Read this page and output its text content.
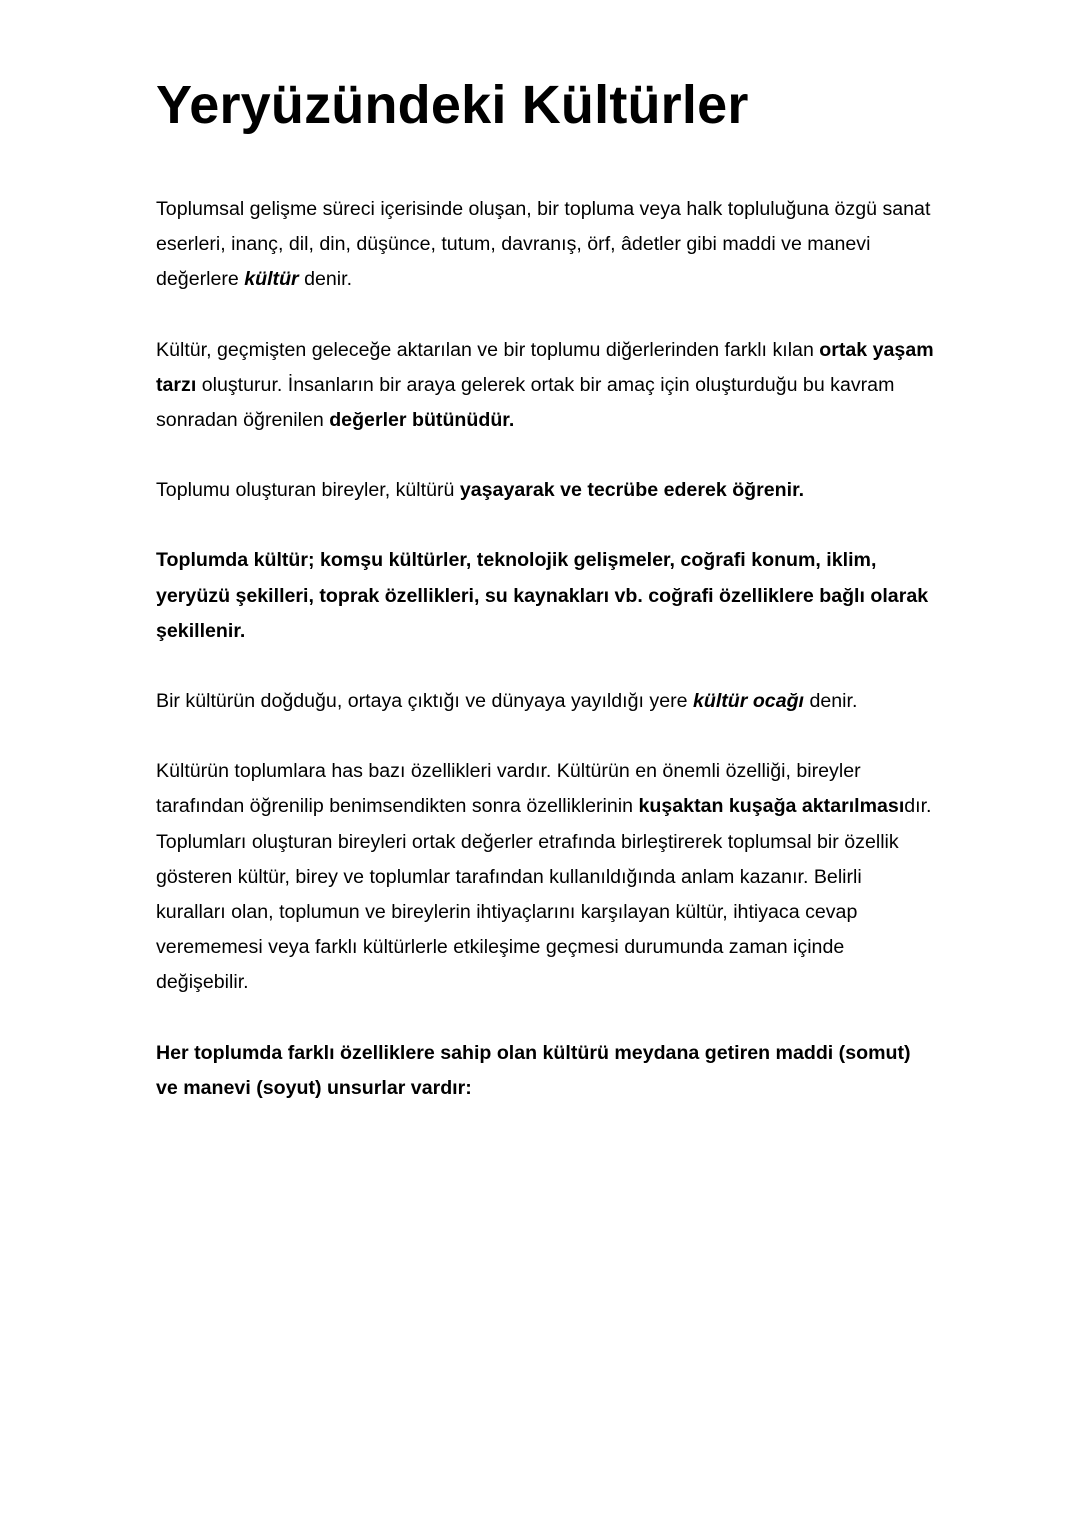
Yeryüzündeki Kültürler

Toplumsal gelişme süreci içerisinde oluşan, bir topluma veya halk topluluğuna özgü sanat eserleri, inanç, dil, din, düşünce, tutum, davranış, örf, âdetler gibi maddi ve manevi değerlere kültür denir.

Kültür, geçmişten geleceğe aktarılan ve bir toplumu diğerlerinden farklı kılan ortak yaşam tarzı oluşturur. İnsanların bir araya gelerek ortak bir amaç için oluşturduğu bu kavram sonradan öğrenilen değerler bütünüdür.

Toplumu oluşturan bireyler, kültürü yaşayarak ve tecrübe ederek öğrenir.

Toplumda kültür; komşu kültürler, teknolojik gelişmeler, coğrafi konum, iklim, yeryüzü şekilleri, toprak özellikleri, su kaynakları vb. coğrafi özelliklere bağlı olarak şekillenir.

Bir kültürün doğduğu, ortaya çıktığı ve dünyaya yayıldığı yere kültür ocağı denir.

Kültürün toplumlara has bazı özellikleri vardır. Kültürün en önemli özelliği, bireyler tarafından öğrenilip benimsendikten sonra özelliklerinin kuşaktan kuşağa aktarılmasıdır. Toplumları oluşturan bireyleri ortak değerler etrafında birleştirerek toplumsal bir özellik gösteren kültür, birey ve toplumlar tarafından kullanıldığında anlam kazanır. Belirli kuralları olan, toplumun ve bireylerin ihtiyaçlarını karşılayan kültür, ihtiyaca cevap verememesi veya farklı kültürlerle etkileşime geçmesi durumunda zaman içinde değişebilir.

Her toplumda farklı özelliklere sahip olan kültürü meydana getiren maddi (somut) ve manevi (soyut) unsurlar vardır:
